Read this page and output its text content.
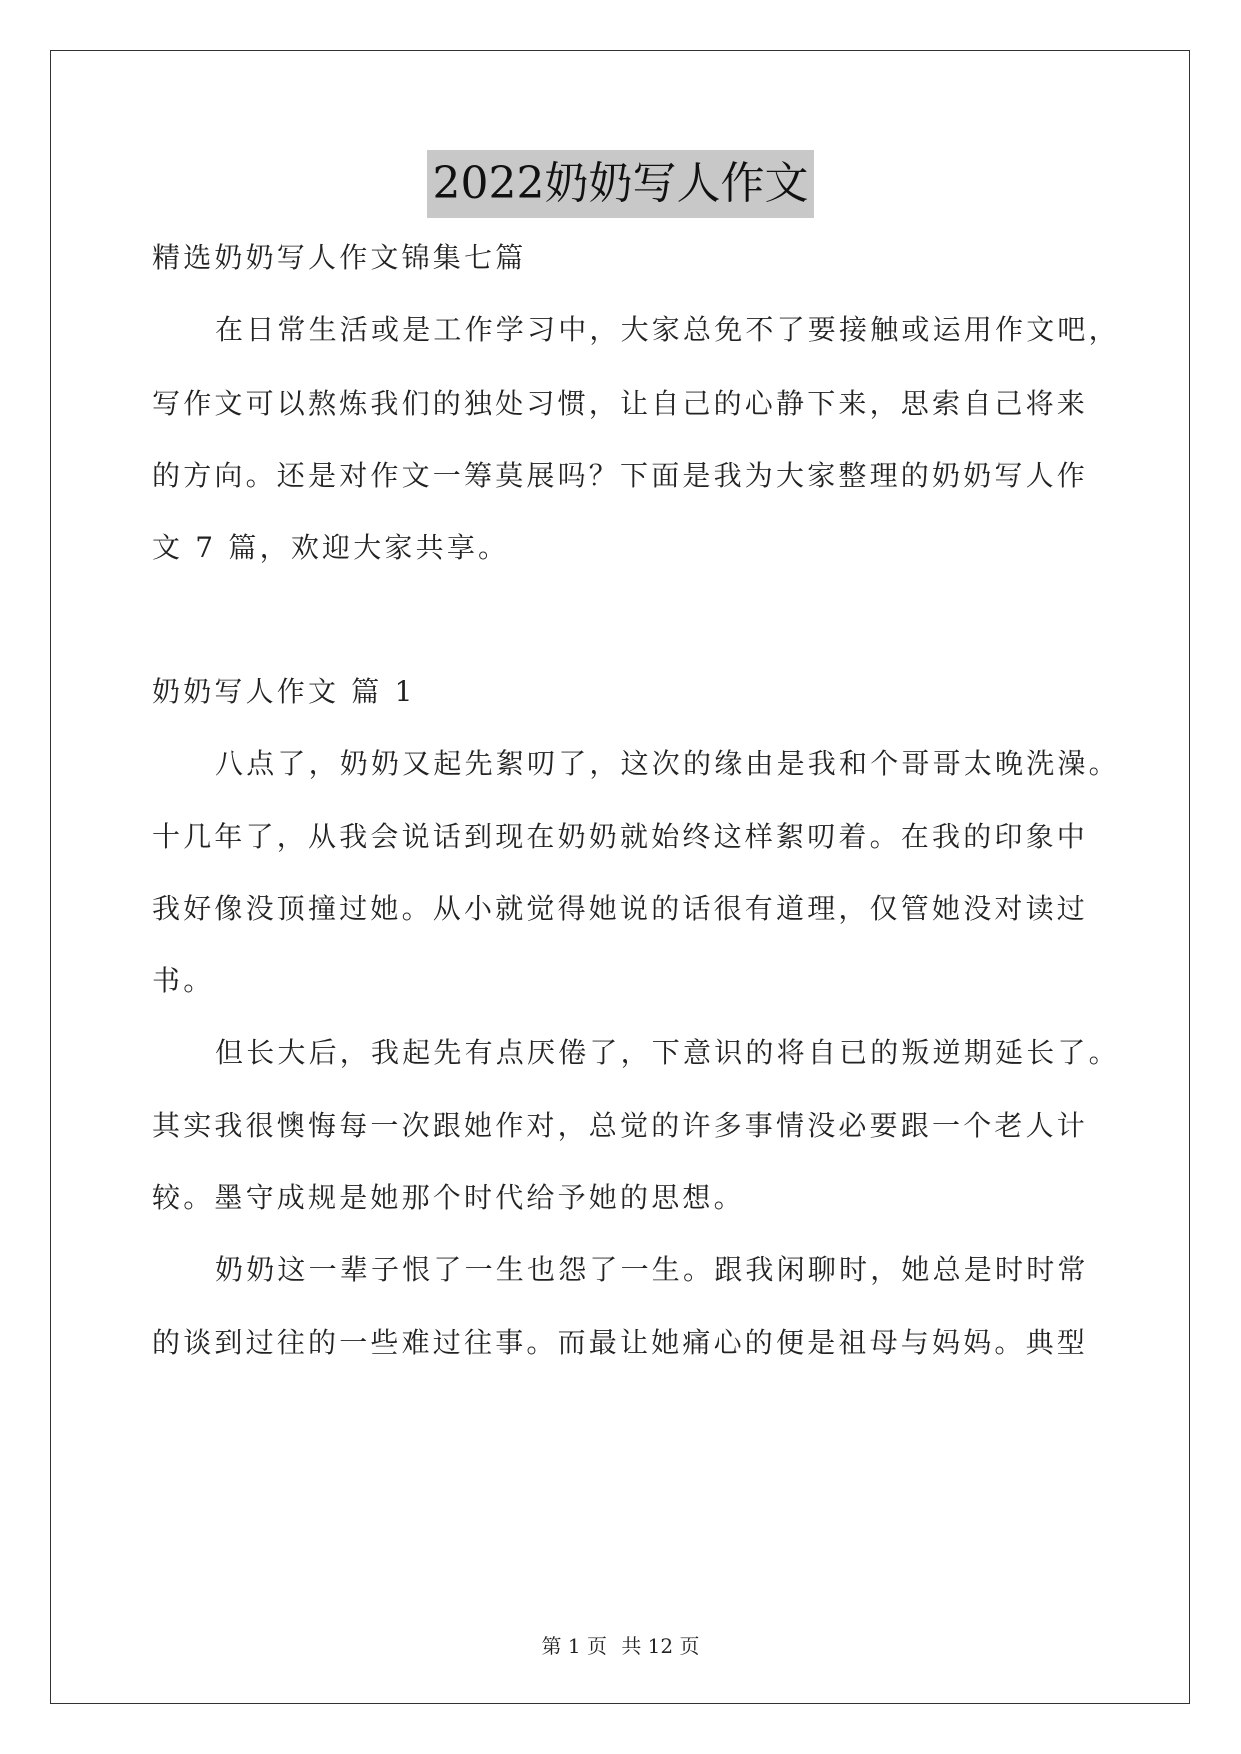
2022奶奶写人作文
精选奶奶写人作文锦集七篇
在日常生活或是工作学习中，大家总免不了要接触或运用作文吧，
写作文可以熬炼我们的独处习惯，让自己的心静下来，思索自己将来
的方向。还是对作文一筹莫展吗？下面是我为大家整理的奶奶写人作
文 7 篇，欢迎大家共享。
奶奶写人作文 篇 1
八点了，奶奶又起先絮叨了，这次的缘由是我和个哥哥太晚洗澡。
十几年了，从我会说话到现在奶奶就始终这样絮叨着。在我的印象中
我好像没顶撞过她。从小就觉得她说的话很有道理，仅管她没对读过
书。
但长大后，我起先有点厌倦了，下意识的将自已的叛逆期延长了。
其实我很懊悔每一次跟她作对，总觉的许多事情没必要跟一个老人计
较。墨守成规是她那个时代给予她的思想。
奶奶这一辈子恨了一生也怨了一生。跟我闲聊时，她总是时时常
的谈到过往的一些难过往事。而最让她痛心的便是祖母与妈妈。典型
第 1 页 共 12 页
